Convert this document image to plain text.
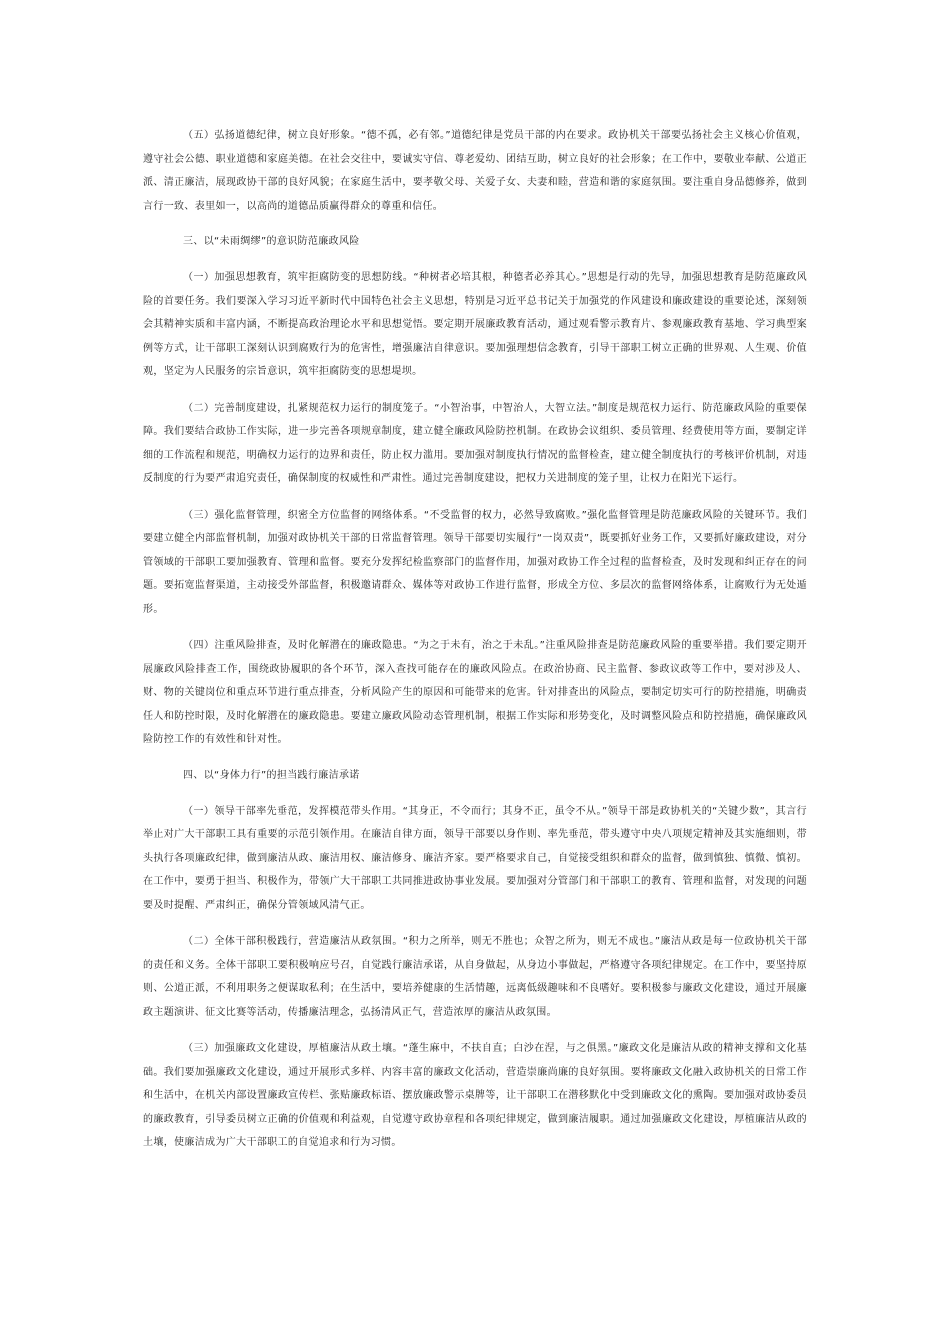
（五）弘扬道德纪律，树立良好形象。“德不孤，必有邻。”道德纪律是党员干部的内在要求。政协机关干部要弘扬社会主义核心价值观，遵守社会公德、职业道德和家庭美德。在社会交往中，要诚实守信、尊老爱幼、团结互助，树立良好的社会形象；在工作中，要敬业奉献、公道正派、清正廉洁，展现政协干部的良好风貌；在家庭生活中，要孝敬父母、关爱子女、夫妻和睦，营造和谐的家庭氛围。要注重自身品德修养，做到言行一致、表里如一，以高尚的道德品质赢得群众的尊重和信任。

三、以“未雨绸缪”的意识防范廉政风险

（一）加强思想教育，筑牢拒腐防变的思想防线。“种树者必培其根，种德者必养其心。”思想是行动的先导，加强思想教育是防范廉政风险的首要任务。我们要深入学习习近平新时代中国特色社会主义思想，特别是习近平总书记关于加强党的作风建设和廉政建设的重要论述，深刻领会其精神实质和丰富内涵，不断提高政治理论水平和思想觉悟。要定期开展廉政教育活动，通过观看警示教育片、参观廉政教育基地、学习典型案例等方式，让干部职工深刻认识到腐败行为的危害性，增强廉洁自律意识。要加强理想信念教育，引导干部职工树立正确的世界观、人生观、价值观，坚定为人民服务的宗旨意识，筑牢拒腐防变的思想堤坝。

（二）完善制度建设，扎紧规范权力运行的制度笼子。“小智治事，中智治人，大智立法。”制度是规范权力运行、防范廉政风险的重要保障。我们要结合政协工作实际，进一步完善各项规章制度，建立健全廉政风险防控机制。在政协会议组织、委员管理、经费使用等方面，要制定详细的工作流程和规范，明确权力运行的边界和责任，防止权力滥用。要加强对制度执行情况的监督检查，建立健全制度执行的考核评价机制，对违反制度的行为要严肃追究责任，确保制度的权威性和严肃性。通过完善制度建设，把权力关进制度的笼子里，让权力在阳光下运行。

（三）强化监督管理，织密全方位监督的网络体系。“不受监督的权力，必然导致腐败。”强化监督管理是防范廉政风险的关键环节。我们要建立健全内部监督机制，加强对政协机关干部的日常监督管理。领导干部要切实履行“一岗双责”，既要抓好业务工作，又要抓好廉政建设，对分管领域的干部职工要加强教育、管理和监督。要充分发挥纪检监察部门的监督作用，加强对政协工作全过程的监督检查，及时发现和纠正存在的问题。要拓宽监督渠道，主动接受外部监督，积极邀请群众、媒体等对政协工作进行监督，形成全方位、多层次的监督网络体系，让腐败行为无处遁形。

（四）注重风险排查，及时化解潜在的廉政隐患。“为之于未有，治之于未乱。”注重风险排查是防范廉政风险的重要举措。我们要定期开展廉政风险排查工作，围绕政协履职的各个环节，深入查找可能存在的廉政风险点。在政治协商、民主监督、参政议政等工作中，要对涉及人、财、物的关键岗位和重点环节进行重点排查，分析风险产生的原因和可能带来的危害。针对排查出的风险点，要制定切实可行的防控措施，明确责任人和防控时限，及时化解潜在的廉政隐患。要建立廉政风险动态管理机制，根据工作实际和形势变化，及时调整风险点和防控措施，确保廉政风险防控工作的有效性和针对性。

四、以“身体力行”的担当践行廉洁承诺

（一）领导干部率先垂范，发挥模范带头作用。“其身正，不令而行；其身不正，虽令不从。”领导干部是政协机关的“关键少数”，其言行举止对广大干部职工具有重要的示范引领作用。在廉洁自律方面，领导干部要以身作则、率先垂范，带头遵守中央八项规定精神及其实施细则，带头执行各项廉政纪律，做到廉洁从政、廉洁用权、廉洁修身、廉洁齐家。要严格要求自己，自觉接受组织和群众的监督，做到慎独、慎微、慎初。在工作中，要勇于担当、积极作为，带领广大干部职工共同推进政协事业发展。要加强对分管部门和干部职工的教育、管理和监督，对发现的问题要及时提醒、严肃纠正，确保分管领域风清气正。

（二）全体干部积极践行，营造廉洁从政氛围。“积力之所举，则无不胜也；众智之所为，则无不成也。”廉洁从政是每一位政协机关干部的责任和义务。全体干部职工要积极响应号召，自觉践行廉洁承诺，从自身做起，从身边小事做起，严格遵守各项纪律规定。在工作中，要坚持原则、公道正派，不利用职务之便谋取私利；在生活中，要培养健康的生活情趣，远离低级趣味和不良嗜好。要积极参与廉政文化建设，通过开展廉政主题演讲、征文比赛等活动，传播廉洁理念，弘扬清风正气，营造浓厚的廉洁从政氛围。

（三）加强廉政文化建设，厚植廉洁从政土壤。“蓬生麻中，不扶自直；白沙在涅，与之俱黑。”廉政文化是廉洁从政的精神支撑和文化基础。我们要加强廉政文化建设，通过开展形式多样、内容丰富的廉政文化活动，营造崇廉尚廉的良好氛围。要将廉政文化融入政协机关的日常工作和生活中，在机关内部设置廉政宣传栏、张贴廉政标语、摆放廉政警示桌牌等，让干部职工在潜移默化中受到廉政文化的熏陶。要加强对政协委员的廉政教育，引导委员树立正确的价值观和利益观，自觉遵守政协章程和各项纪律规定，做到廉洁履职。通过加强廉政文化建设，厚植廉洁从政的土壤，使廉洁成为广大干部职工的自觉追求和行为习惯。
